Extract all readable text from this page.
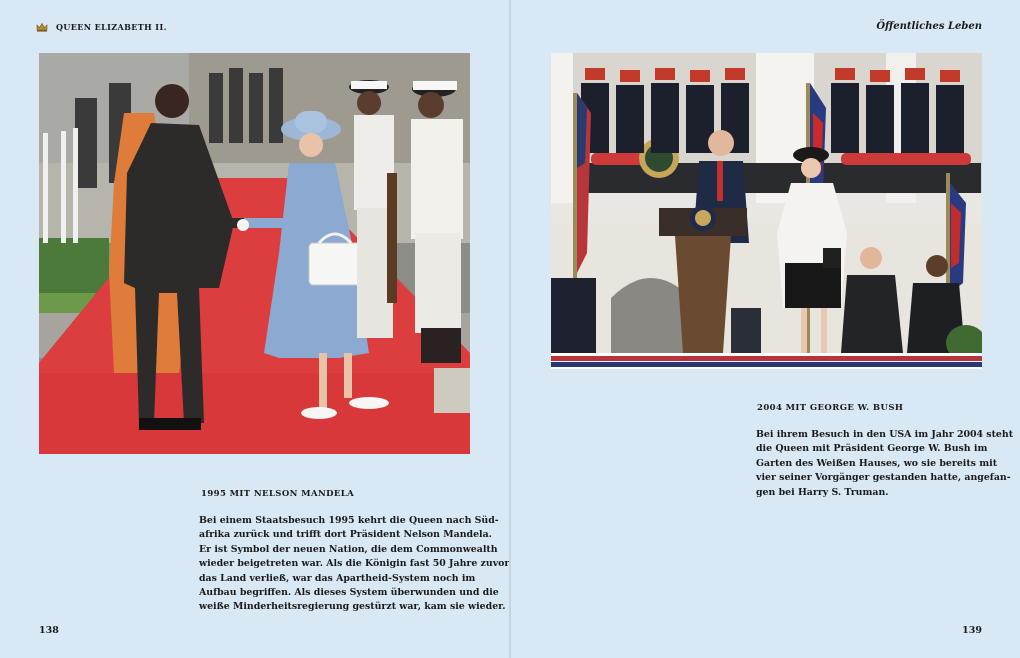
QUEEN ELIZABETH II.
1995 MIT NELSON MANDELA

Bei einem Staatsbesuch 1995 kehrt die Queen nach Süd-
afrika zurück und trifft dort Präsident Nelson Mandela.
Er ist Symbol der neuen Nation, die dem Commonwealth
wieder beigetreten war. Als die Königin fast 50 Jahre zuvor
das Land verließ, war das Apartheid-System noch im
Aufbau begriffen. Als dieses System überwunden und die
weiße Minderheitsregierung gestürzt war, kam sie wieder.

138
Öffentliches Leben
2004 MIT GEORGE W. BUSH

Bei ihrem Besuch in den USA im Jahr 2004 steht
die Queen mit Präsident George W. Bush im
Garten des Weißen Hauses, wo sie bereits mit
vier seiner Vorgänger gestanden hatte, angefan-
gen bei Harry S. Truman.

139
